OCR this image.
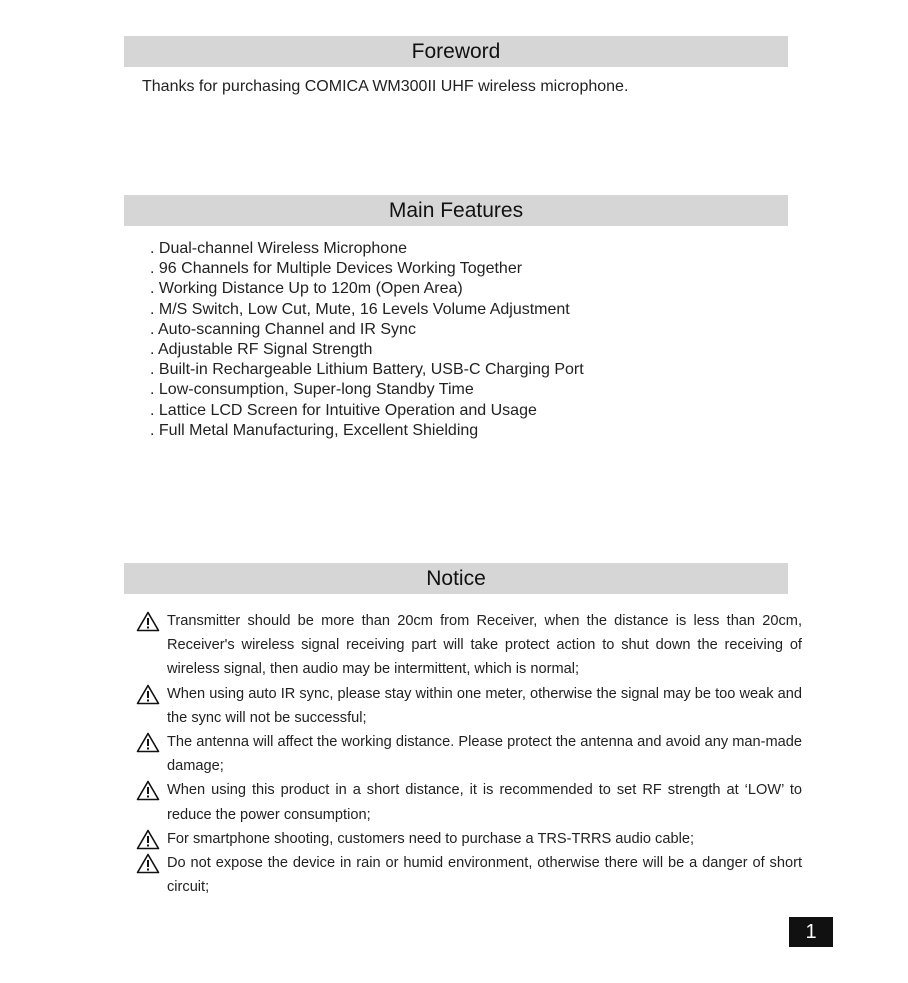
Foreword
Thanks for purchasing COMICA WM300II UHF wireless microphone.
Main Features
. Dual-channel Wireless Microphone
. 96 Channels for Multiple Devices Working Together
. Working Distance Up to 120m (Open Area)
. M/S Switch, Low Cut, Mute, 16 Levels Volume Adjustment
. Auto-scanning Channel and IR Sync
. Adjustable RF Signal Strength
. Built-in Rechargeable Lithium Battery, USB-C Charging Port
. Low-consumption, Super-long Standby Time
. Lattice LCD Screen for Intuitive Operation and Usage
. Full Metal Manufacturing, Excellent Shielding
Notice
Transmitter should be more than 20cm from Receiver, when the distance is less than 20cm, Receiver's wireless signal receiving part will take protect action to shut down the receiving of wireless signal, then audio may be intermittent, which is normal;
When using auto IR sync, please stay within one meter, otherwise the signal may be too weak and the sync will not be successful;
The antenna will affect the working distance. Please protect the antenna and avoid any man-made damage;
When using this product in a short distance, it is recommended to set RF strength at ‘LOW’ to reduce the power consumption;
For smartphone shooting, customers need to purchase a TRS-TRRS audio cable;
Do not expose the device in rain or humid environment, otherwise there will be a danger of short circuit;
1
